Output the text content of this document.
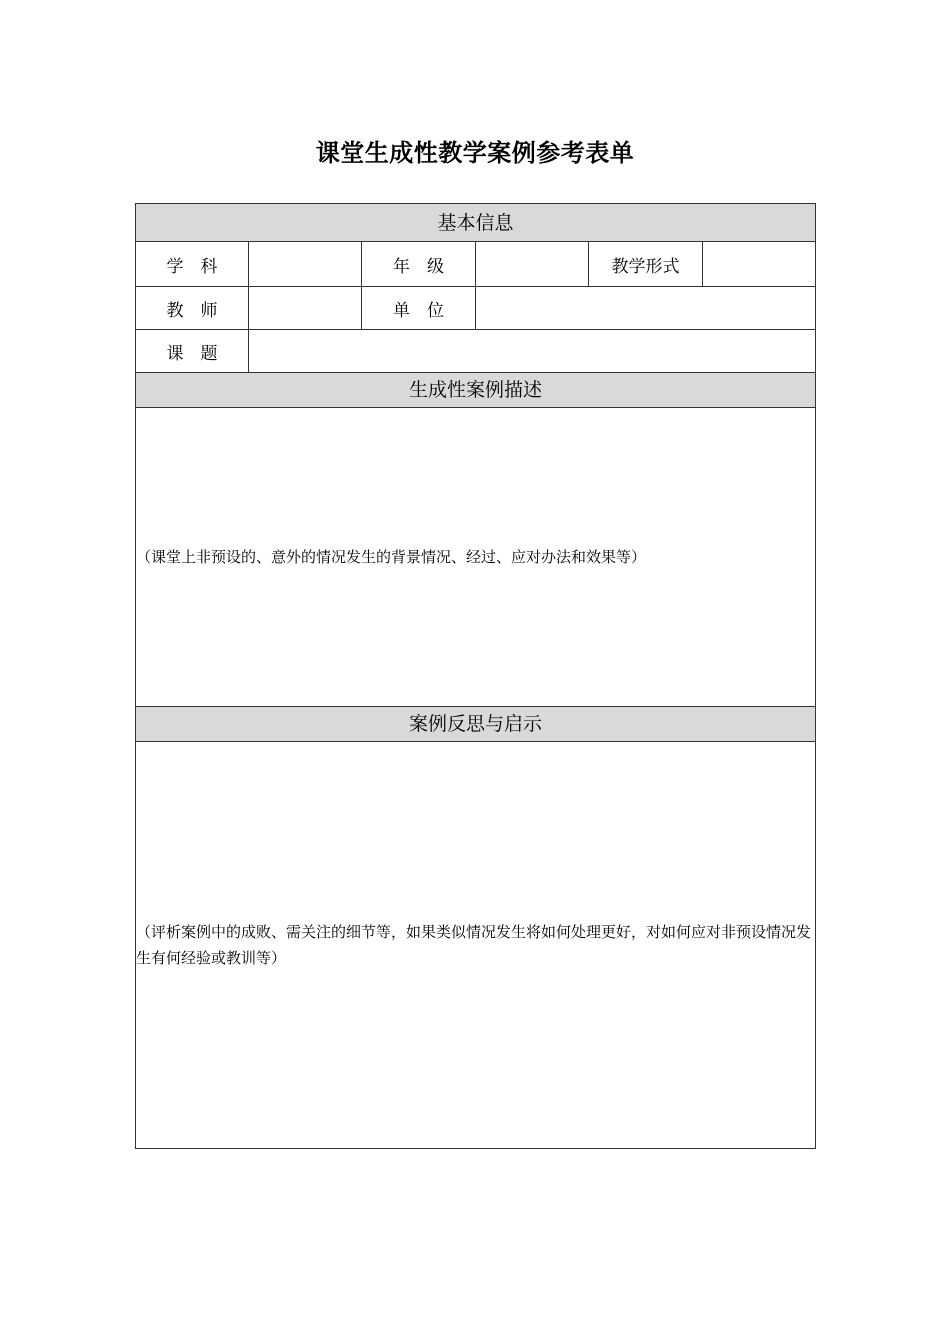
课堂生成性教学案例参考表单
基本信息					
学　科		年　级		教学形式	
教　师		单　位			
课　题					
生成性案例描述					
（课堂上非预设的、意外的情况发生的背景情况、经过、应对办法和效果等）					
案例反思与启示					
（评析案例中的成败、需关注的细节等，如果类似情况发生将如何处理更好，对如何应对非预设情况发生有何经验或教训等）					
